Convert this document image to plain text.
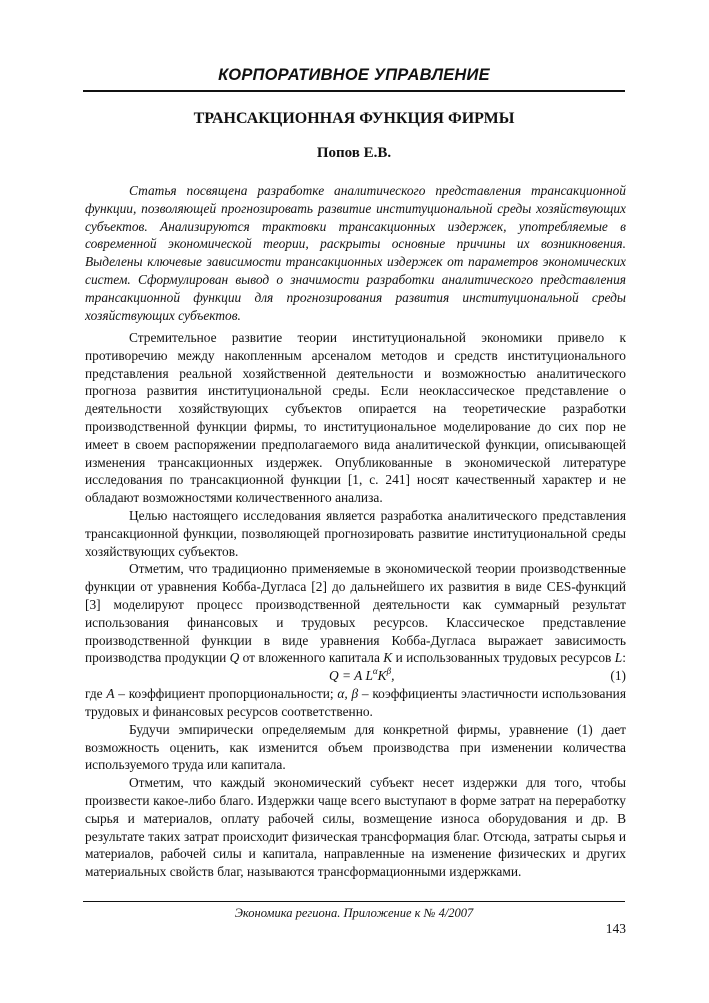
КОРПОРАТИВНОЕ УПРАВЛЕНИЕ
ТРАНСАКЦИОННАЯ ФУНКЦИЯ ФИРМЫ
Попов Е.В.

Статья посвящена разработке аналитического представления трансакционной функции, позволяющей прогнозировать развитие институциональной среды хозяйствующих субъектов. Анализируются трактовки трансакционных издержек, употребляемые в современной экономической теории, раскрыты основные причины их возникновения. Выделены ключевые зависимости трансакционных издержек от параметров экономических систем. Сформулирован вывод о значимости разработки аналитического представления трансакционной функции для прогнозирования развития институциональной среды хозяйствующих субъектов.

Стремительное развитие теории институциональной экономики привело к противоречию между накопленным арсеналом методов и средств институционального представления реальной хозяйственной деятельности и возможностью аналитического прогноза развития институциональной среды. Если неоклассическое представление о деятельности хозяйствующих субъектов опирается на теоретические разработки производственной функции фирмы, то институциональное моделирование до сих пор не имеет в своем распоряжении предполагаемого вида аналитической функции, описывающей изменения трансакционных издержек. Опубликованные в экономической литературе исследования по трансакционной функции [1, с. 241] носят качественный характер и не обладают возможностями количественного анализа.

Целью настоящего исследования является разработка аналитического представления трансакционной функции, позволяющей прогнозировать развитие институциональной среды хозяйствующих субъектов.

Отметим, что традиционно применяемые в экономической теории производственные функции от уравнения Кобба-Дугласа [2] до дальнейшего их развития в виде CES-функций [3] моделируют процесс производственной деятельности как суммарный результат использования финансовых и трудовых ресурсов. Классическое представление производственной функции в виде уравнения Кобба-Дугласа выражает зависимость производства продукции Q от вложенного капитала K и использованных трудовых ресурсов L:

Q = A $L^\alpha K^\beta$,	(1)

где A – коэффициент пропорциональности; α, β – коэффициенты эластичности использования трудовых и финансовых ресурсов соответственно.

Будучи эмпирически определяемым для конкретной фирмы, уравнение (1) дает возможность оценить, как изменится объем производства при изменении количества используемого труда или капитала.

Отметим, что каждый экономический субъект несет издержки для того, чтобы произвести какое-либо благо. Издержки чаще всего выступают в форме затрат на переработку сырья и материалов, оплату рабочей силы, возмещение износа оборудования и др. В результате таких затрат происходит физическая трансформация благ. Отсюда, затраты сырья и материалов, рабочей силы и капитала, направленные на изменение физических и других материальных свойств благ, называются трансформационными издержками.

Экономика региона. Приложение к № 4/2007
143
